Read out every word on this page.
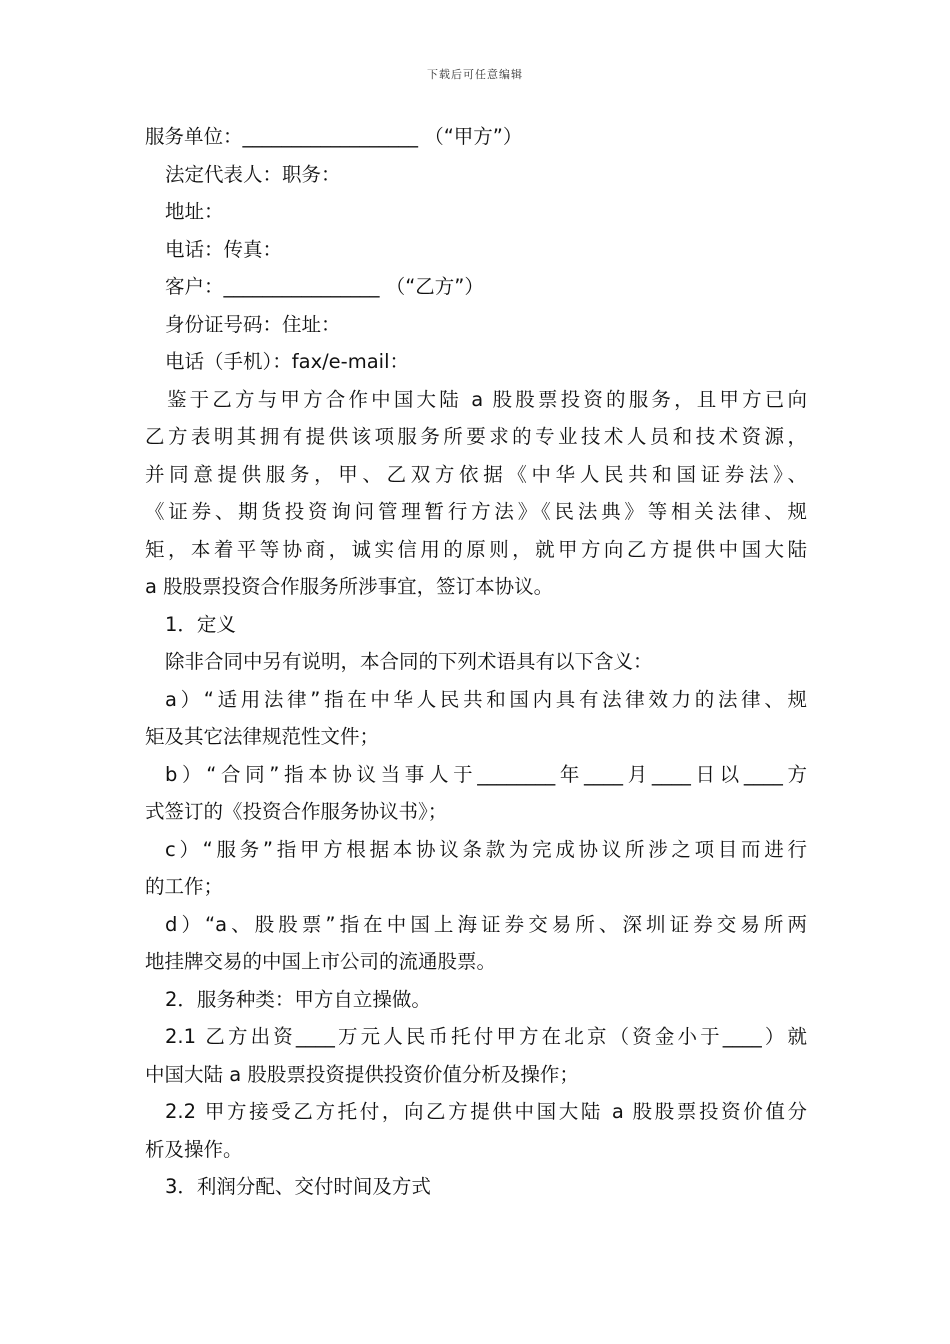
下载后可任意编辑
服务单位：__________________ （“甲方”）
法定代表人：职务：
地址：
电话：传真：
客户：________________ （“乙方”）
身份证号码：住址：
电话（手机）：fax/e-mail：
鉴于乙方与甲方合作中国大陆 a 股股票投资的服务，且甲方已向
乙方表明其拥有提供该项服务所要求的专业技术人员和技术资源，
并同意提供服务，甲、乙双方依据《中华人民共和国证券法》、
《证券、期货投资询问管理暂行方法》《民法典》等相关法律、规
矩，本着平等协商，诚实信用的原则，就甲方向乙方提供中国大陆
a 股股票投资合作服务所涉事宜，签订本协议。
1．定义
除非合同中另有说明，本合同的下列术语具有以下含义：
a）“适用法律”指在中华人民共和国内具有法律效力的法律、规
矩及其它法律规范性文件；
b）“合同”指本协议当事人于________年____月____日以____方
式签订的《投资合作服务协议书》；
c）“服务”指甲方根据本协议条款为完成协议所涉之项目而进行
的工作；
d）“a、股股票”指在中国上海证券交易所、深圳证券交易所两
地挂牌交易的中国上市公司的流通股票。
2．服务种类：甲方自立操做。
2.1 乙方出资____万元人民币托付甲方在北京（资金小于____）就
中国大陆 a 股股票投资提供投资价值分析及操作；
2.2 甲方接受乙方托付，向乙方提供中国大陆 a 股股票投资价值分
析及操作。
3．利润分配、交付时间及方式
